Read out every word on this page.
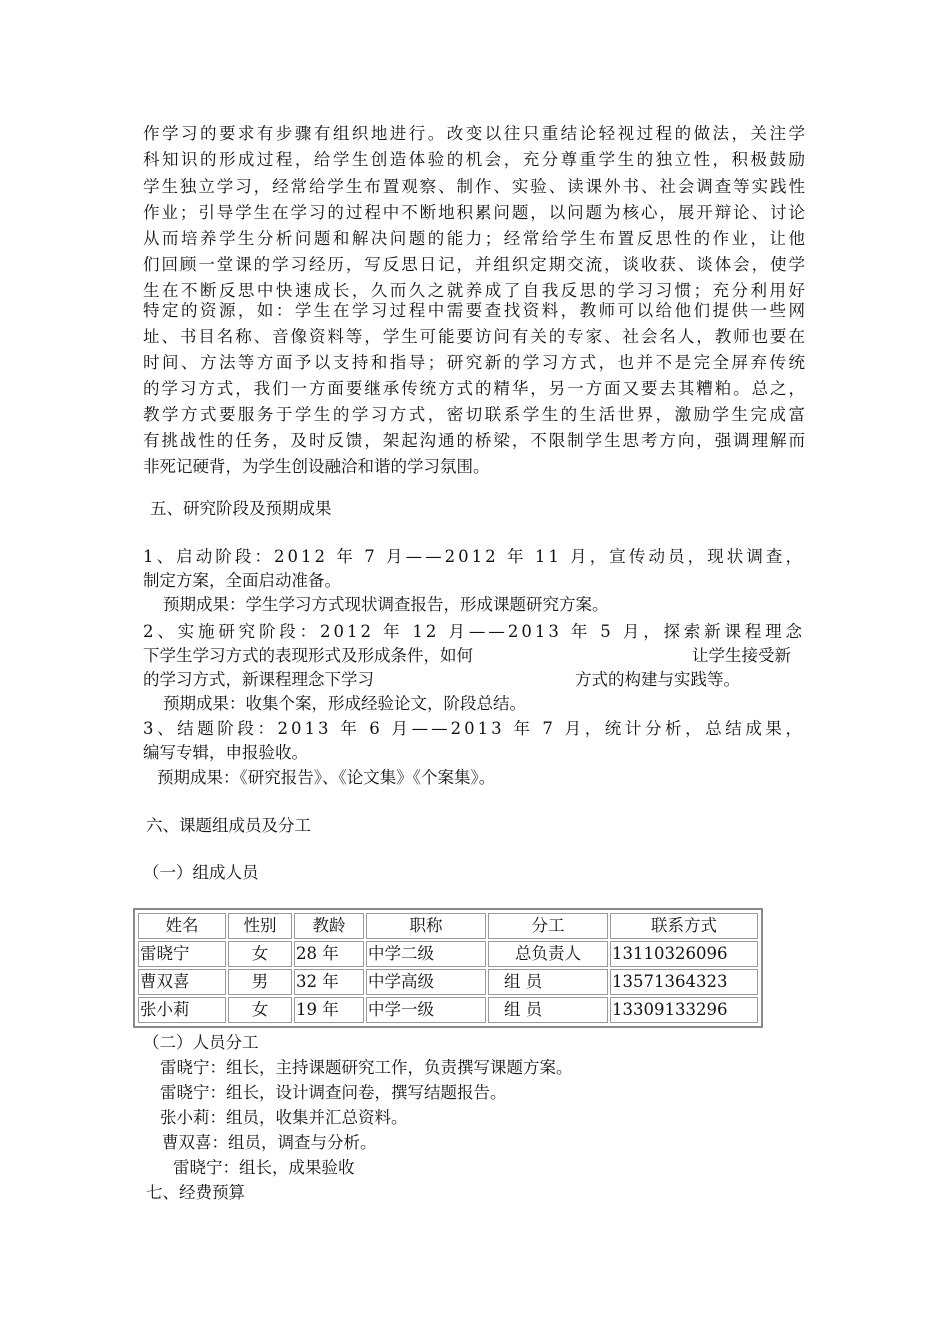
作学习的要求有步骤有组织地进行。改变以往只重结论轻视过程的做法，关注学
科知识的形成过程，给学生创造体验的机会，充分尊重学生的独立性，积极鼓励
学生独立学习，经常给学生布置观察、制作、实验、读课外书、社会调查等实践性
作业；引导学生在学习的过程中不断地积累问题，以问题为核心，展开辩论、讨论
从而培养学生分析问题和解决问题的能力；经常给学生布置反思性的作业，让他
们回顾一堂课的学习经历，写反思日记，并组织定期交流，谈收获、谈体会，使学
生在不断反思中快速成长，久而久之就养成了自我反思的学习习惯；充分利用好
特定的资源，如：学生在学习过程中需要查找资料，教师可以给他们提供一些网
址、书目名称、音像资料等，学生可能要访问有关的专家、社会名人，教师也要在
时间、方法等方面予以支持和指导；研究新的学习方式，也并不是完全屏弃传统
的学习方式，我们一方面要继承传统方式的精华，另一方面又要去其糟粕。总之，
教学方式要服务于学生的学习方式，密切联系学生的生活世界，激励学生完成富
有挑战性的任务，及时反馈，架起沟通的桥梁，不限制学生思考方向，强调理解而
非死记硬背，为学生创设融洽和谐的学习氛围。
五、研究阶段及预期成果
1、启动阶段：2012 年 7 月——2012 年 11 月，宣传动员，现状调查，
制定方案，全面启动准备。
预期成果：学生学习方式现状调查报告，形成课题研究方案。
2、实施研究阶段：2012 年 12 月——2013 年 5 月，探索新课程理念
下学生学习方式的表现形式及形成条件，如何	让学生接受新
的学习方式，新课程理念下学习	方式的构建与实践等。
预期成果：收集个案，形成经验论文，阶段总结。
3、结题阶段：2013 年 6 月——2013 年 7 月，统计分析，总结成果，
编写专辑，申报验收。
预期成果：《研究报告》、《论文集》《个案集》。
六、课题组成员及分工
（一）组成人员
姓名	性别	教龄	职称	分工	联系方式
雷晓宁	女	28 年	中学二级	总负责人	13110326096
曹双喜	男	32 年	中学高级	组 员	13571364323
张小莉	女	19 年	中学一级	组 员	13309133296
（二）人员分工
雷晓宁：组长，主持课题研究工作，负责撰写课题方案。
雷晓宁：组长，设计调查问卷，撰写结题报告。
张小莉：组员，收集并汇总资料。
曹双喜：组员，调查与分析。
雷晓宁：组长，成果验收
七、经费预算
